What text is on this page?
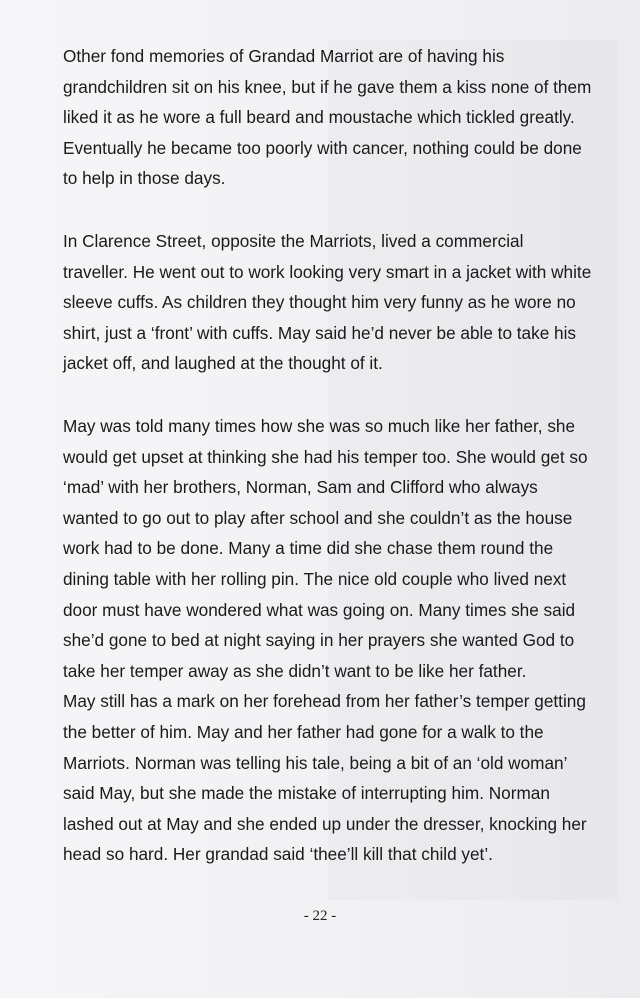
Other fond memories of Grandad Marriot are of having his
grandchildren sit on his knee, but if he gave them a kiss none of them
liked it as he wore a full beard and moustache which tickled greatly.
Eventually he became too poorly with cancer, nothing could be done
to help in those days.
In Clarence Street, opposite the Marriots, lived a commercial
traveller. He went out to work looking very smart in a jacket with white
sleeve cuffs. As children they thought him very funny as he wore no
shirt, just a ‘front’ with cuffs. May said he’d never be able to take his
jacket off, and laughed at the thought of it.
May was told many times how she was so much like her father, she
would get upset at thinking she had his temper too. She would get so
‘mad’ with her brothers, Norman, Sam and Clifford who always
wanted to go out to play after school and she couldn’t as the house
work had to be done. Many a time did she chase them round the
dining table with her rolling pin. The nice old couple who lived next
door must have wondered what was going on. Many times she said
she’d gone to bed at night saying in her prayers she wanted God to
take her temper away as she didn’t want to be like her father.
May still has a mark on her forehead from her father’s temper getting
the better of him. May and her father had gone for a walk to the
Marriots. Norman was telling his tale, being a bit of an ‘old woman’
said May, but she made the mistake of interrupting him. Norman
lashed out at May and she ended up under the dresser, knocking her
head so hard. Her grandad said ‘thee’ll kill that child yet’.
- 22 -
